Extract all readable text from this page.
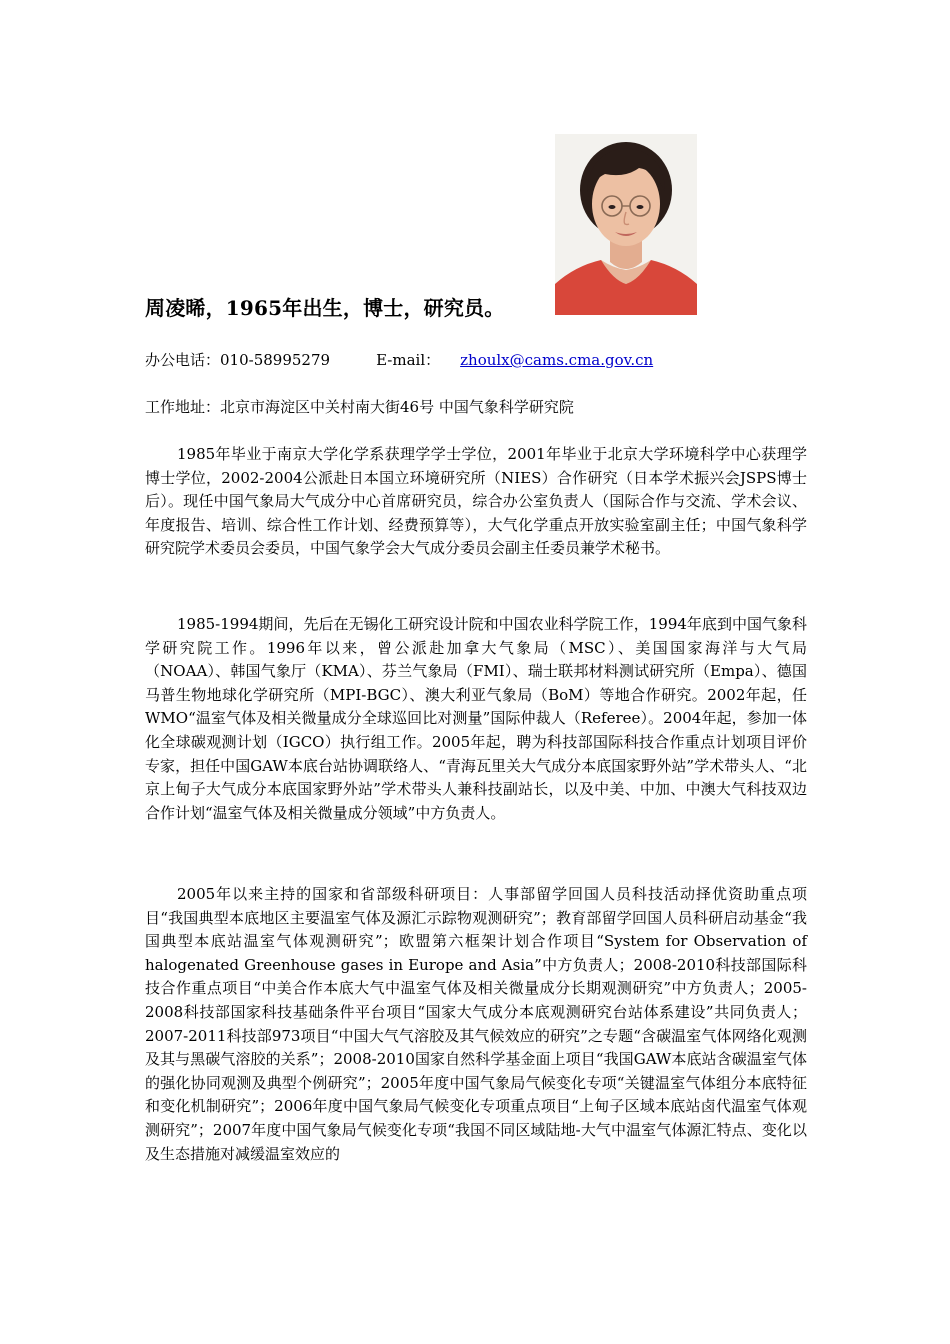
周凌晞，1965年出生，博士，研究员。
办公电话：010-58995279	E-mail： zhoulx@cams.cma.gov.cn
工作地址：北京市海淀区中关村南大街46号 中国气象科学研究院

1985年毕业于南京大学化学系获理学学士学位，2001年毕业于北京大学环境科学中心获理学博士学位，2002-2004公派赴日本国立环境研究所（NIES）合作研究（日本学术振兴会JSPS博士后）。现任中国气象局大气成分中心首席研究员，综合办公室负责人（国际合作与交流、学术会议、年度报告、培训、综合性工作计划、经费预算等），大气化学重点开放实验室副主任；中国气象科学研究院学术委员会委员，中国气象学会大气成分委员会副主任委员兼学术秘书。

1985-1994期间，先后在无锡化工研究设计院和中国农业科学院工作，1994年底到中国气象科学研究院工作。1996年以来，曾公派赴加拿大气象局（MSC）、美国国家海洋与大气局（NOAA）、韩国气象厅（KMA）、芬兰气象局（FMI）、瑞士联邦材料测试研究所（Empa）、德国马普生物地球化学研究所（MPI-BGC）、澳大利亚气象局（BoM）等地合作研究。2002年起，任WMO“温室气体及相关微量成分全球巡回比对测量”国际仲裁人（Referee）。2004年起，参加一体化全球碳观测计划（IGCO）执行组工作。2005年起，聘为科技部国际科技合作重点计划项目评价专家，担任中国GAW本底台站协调联络人、“青海瓦里关大气成分本底国家野外站”学术带头人、“北京上甸子大气成分本底国家野外站”学术带头人兼科技副站长，以及中美、中加、中澳大气科技双边合作计划“温室气体及相关微量成分领域”中方负责人。

2005年以来主持的国家和省部级科研项目：人事部留学回国人员科技活动择优资助重点项目“我国典型本底地区主要温室气体及源汇示踪物观测研究”；教育部留学回国人员科研启动基金“我国典型本底站温室气体观测研究”；欧盟第六框架计划合作项目“System for Observation of halogenated Greenhouse gases in Europe and Asia”中方负责人；2008-2010科技部国际科技合作重点项目“中美合作本底大气中温室气体及相关微量成分长期观测研究”中方负责人；2005-2008科技部国家科技基础条件平台项目“国家大气成分本底观测研究台站体系建设”共同负责人；2007-2011科技部973项目“中国大气气溶胶及其气候效应的研究”之专题“含碳温室气体网络化观测及其与黑碳气溶胶的关系”；2008-2010国家自然科学基金面上项目“我国GAW本底站含碳温室气体的强化协同观测及典型个例研究”；2005年度中国气象局气候变化专项“关键温室气体组分本底特征和变化机制研究”；2006年度中国气象局气候变化专项重点项目“上甸子区域本底站卤代温室气体观测研究”；2007年度中国气象局气候变化专项“我国不同区域陆地-大气中温室气体源汇特点、变化以及生态措施对减缓温室效应的
